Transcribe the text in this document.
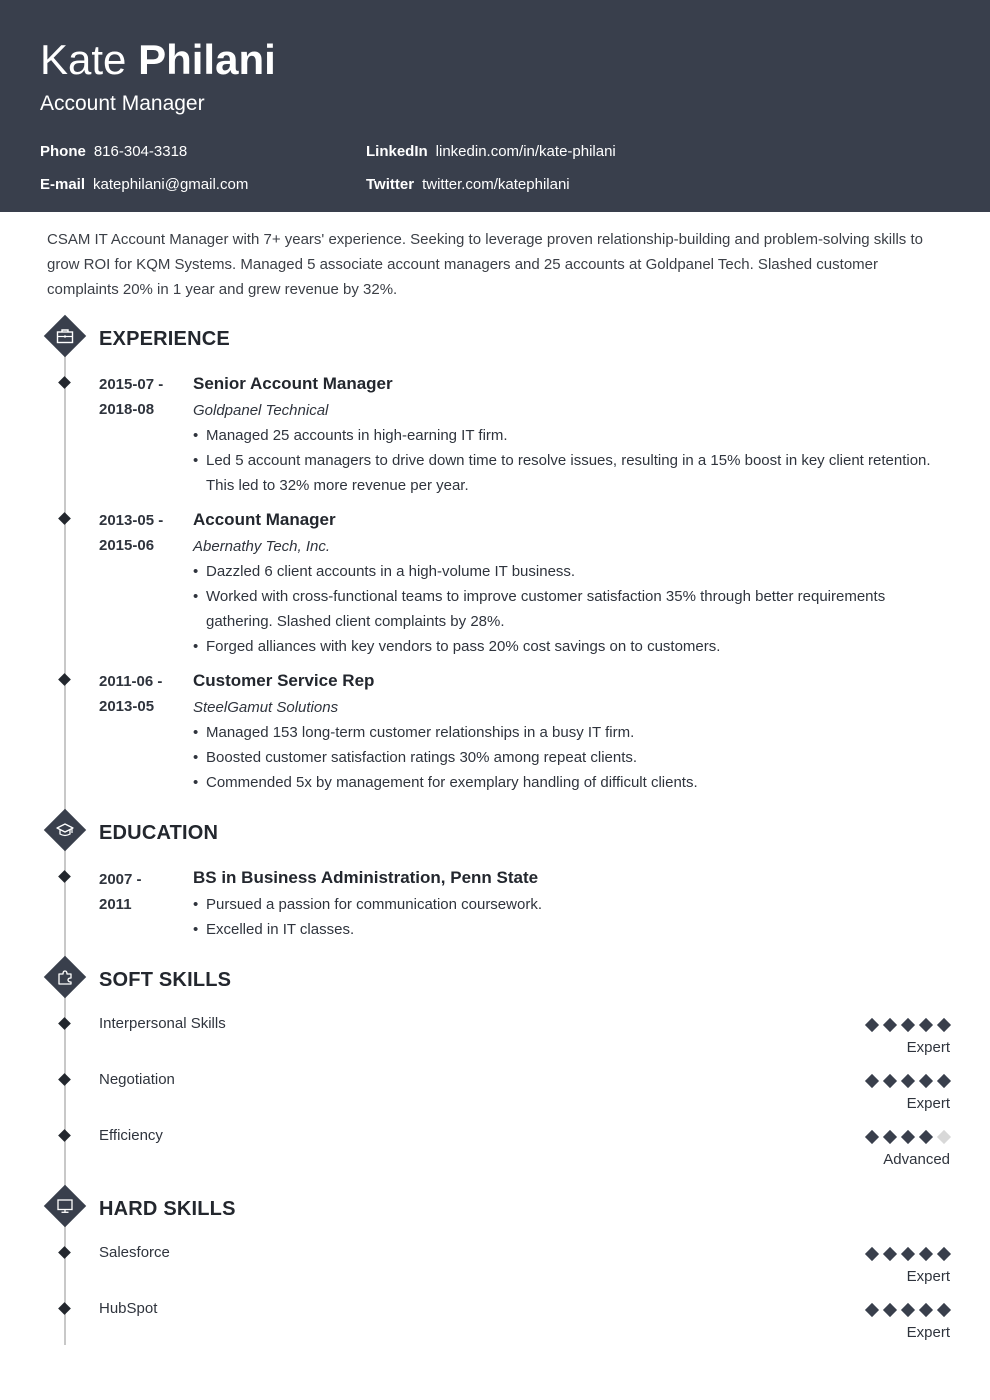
Kate Philani
Account Manager
Phone 816-304-3318
E-mail katephilani@gmail.com
LinkedIn linkedin.com/in/kate-philani
Twitter twitter.com/katephilani
CSAM IT Account Manager with 7+ years' experience. Seeking to leverage proven relationship-building and problem-solving skills to grow ROI for KQM Systems. Managed 5 associate account managers and 25 accounts at Goldpanel Tech. Slashed customer complaints 20% in 1 year and grew revenue by 32%.
EXPERIENCE
2015-07 -
2018-08
Senior Account Manager
Goldpanel Technical
• Managed 25 accounts in high-earning IT firm.
• Led 5 account managers to drive down time to resolve issues, resulting in a 15% boost in key client retention. This led to 32% more revenue per year.
2013-05 -
2015-06
Account Manager
Abernathy Tech, Inc.
• Dazzled 6 client accounts in a high-volume IT business.
• Worked with cross-functional teams to improve customer satisfaction 35% through better requirements gathering. Slashed client complaints by 28%.
• Forged alliances with key vendors to pass 20% cost savings on to customers.
2011-06 -
2013-05
Customer Service Rep
SteelGamut Solutions
• Managed 153 long-term customer relationships in a busy IT firm.
• Boosted customer satisfaction ratings 30% among repeat clients.
• Commended 5x by management for exemplary handling of difficult clients.
EDUCATION
2007 -
2011
BS in Business Administration, Penn State
• Pursued a passion for communication coursework.
• Excelled in IT classes.
SOFT SKILLS
Interpersonal Skills
Expert
Negotiation
Expert
Efficiency
Advanced
HARD SKILLS
Salesforce
Expert
HubSpot
Expert
